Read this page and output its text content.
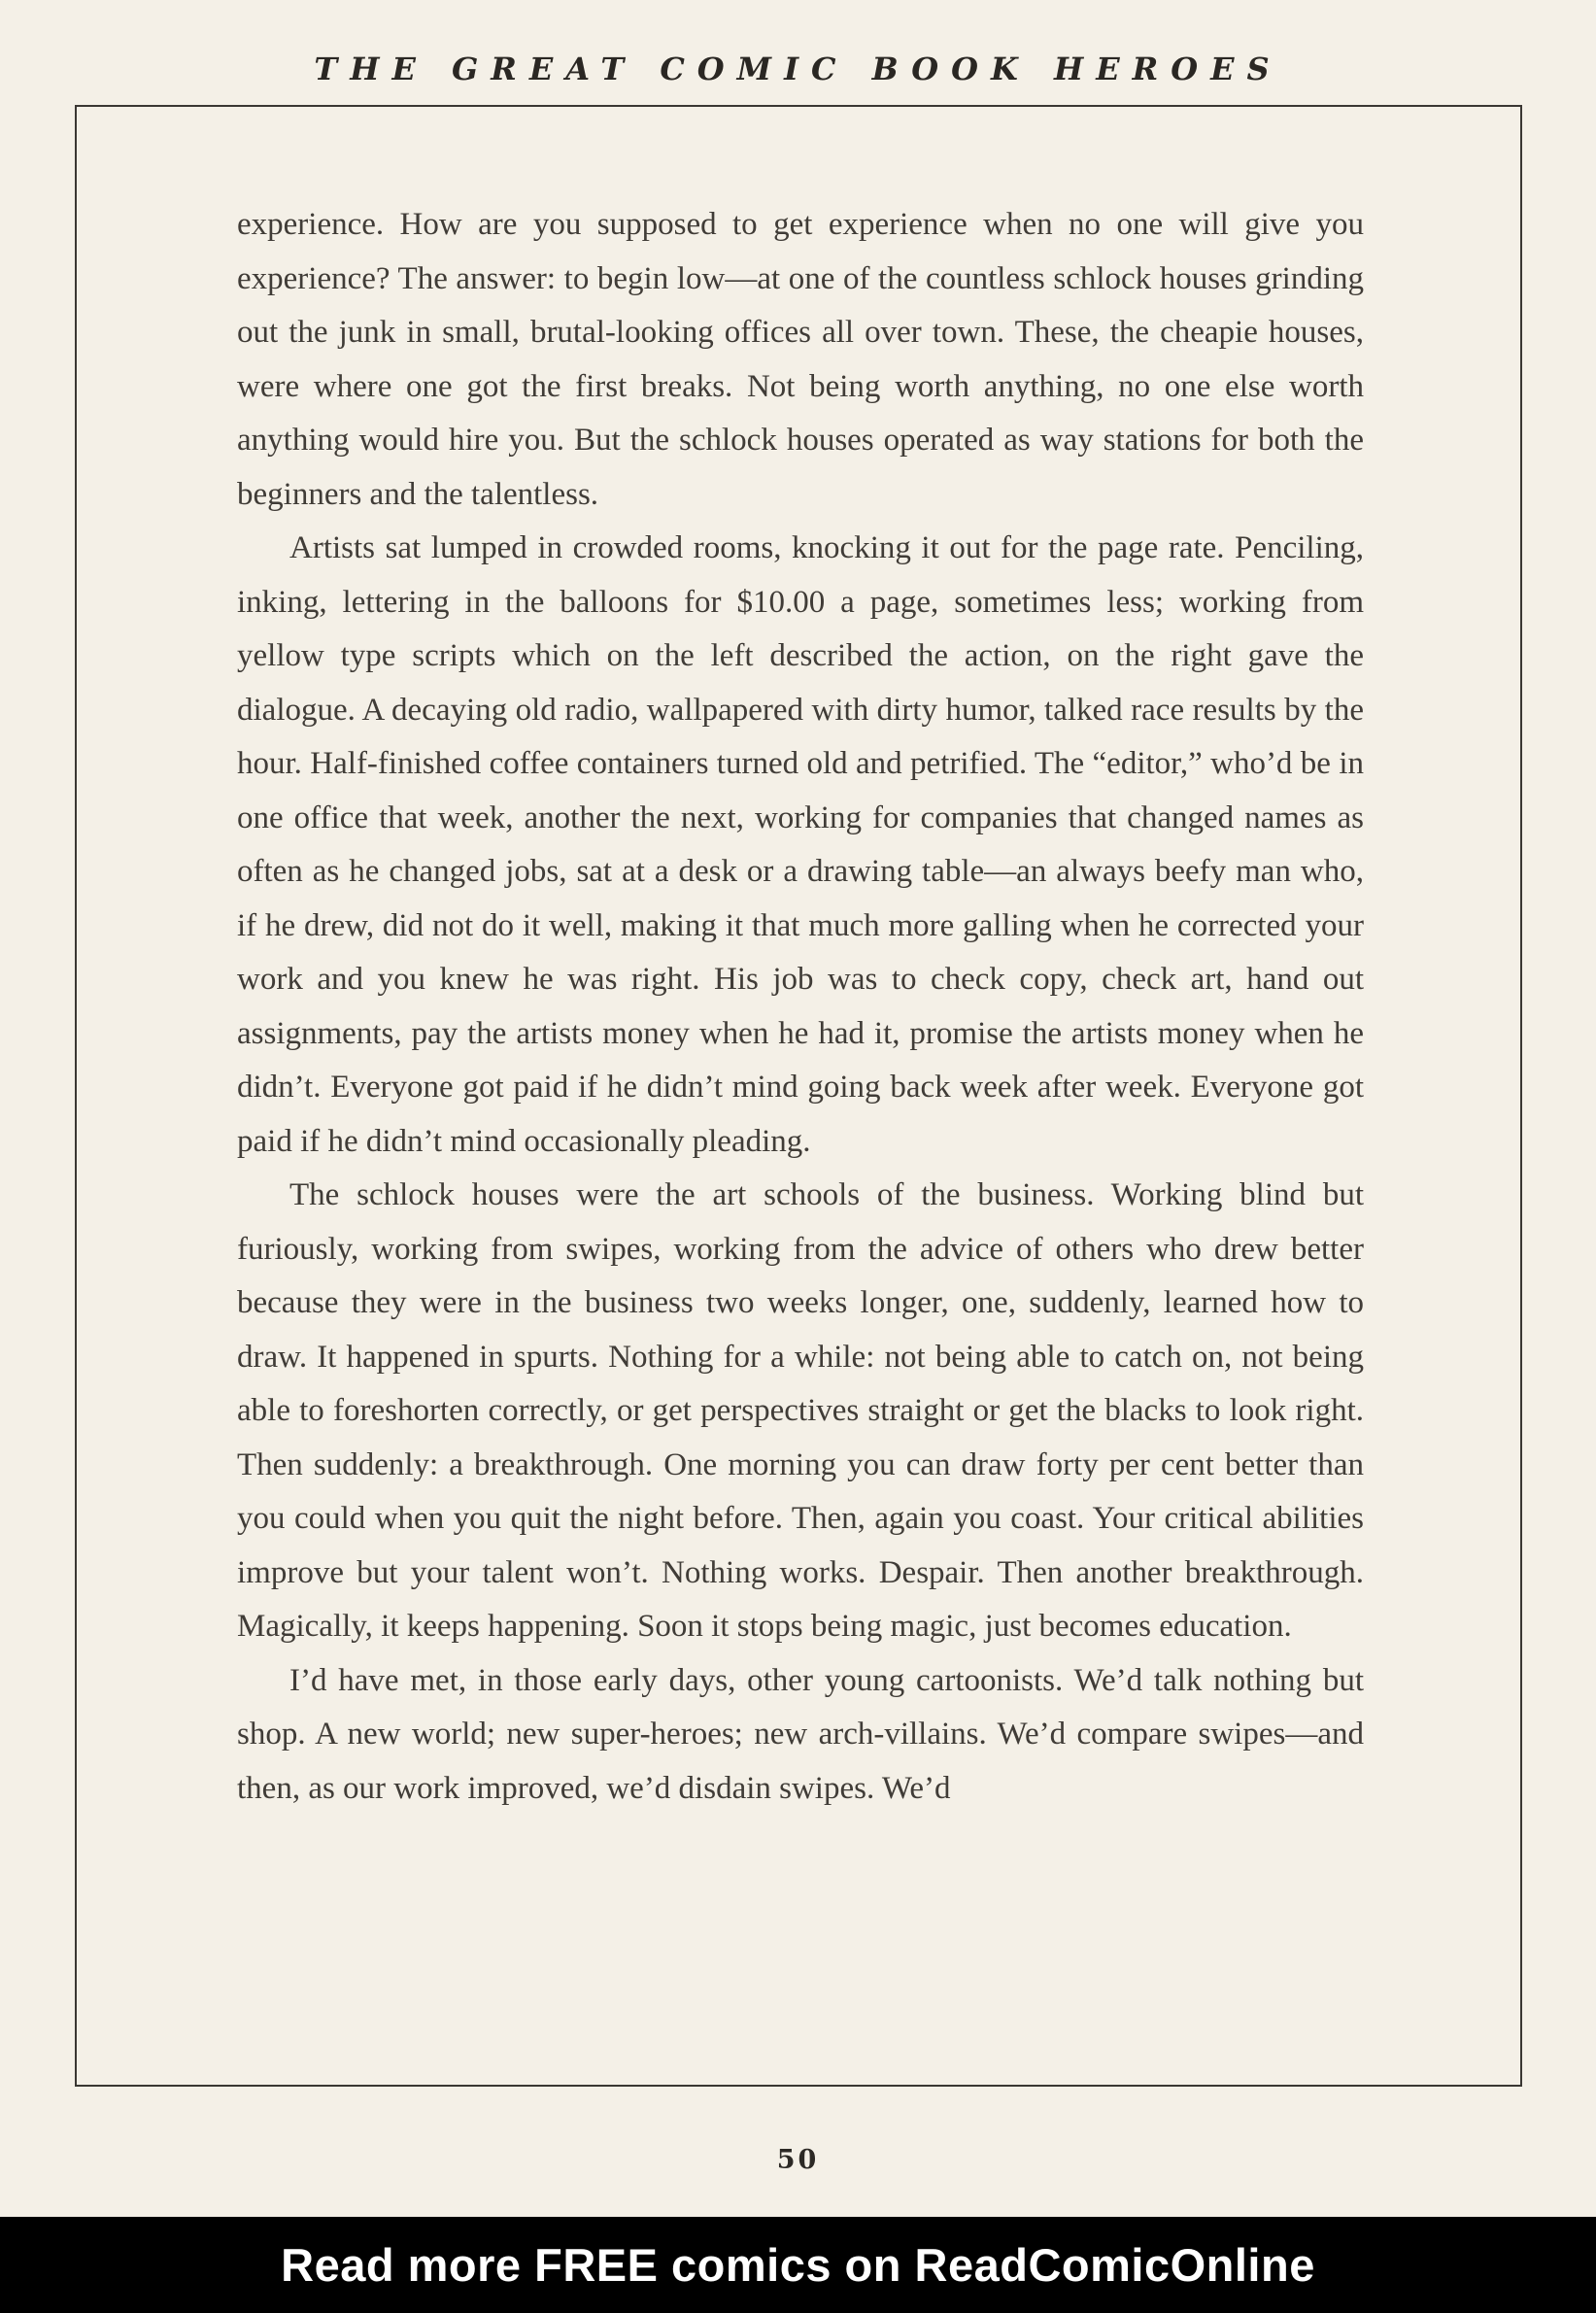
THE GREAT COMIC BOOK HEROES

experience. How are you supposed to get experience when no one will give you experience? The answer: to begin low—at one of the countless schlock houses grinding out the junk in small, brutal-looking offices all over town. These, the cheapie houses, were where one got the first breaks. Not being worth anything, no one else worth anything would hire you. But the schlock houses operated as way stations for both the beginners and the talentless.

Artists sat lumped in crowded rooms, knocking it out for the page rate. Penciling, inking, lettering in the balloons for $10.00 a page, sometimes less; working from yellow type scripts which on the left described the action, on the right gave the dialogue. A decaying old radio, wallpapered with dirty humor, talked race results by the hour. Half-finished coffee containers turned old and petrified. The “editor,” who’d be in one office that week, another the next, working for companies that changed names as often as he changed jobs, sat at a desk or a drawing table—an always beefy man who, if he drew, did not do it well, making it that much more galling when he corrected your work and you knew he was right. His job was to check copy, check art, hand out assignments, pay the artists money when he had it, promise the artists money when he didn’t. Everyone got paid if he didn’t mind going back week after week. Everyone got paid if he didn’t mind occasionally pleading.

The schlock houses were the art schools of the business. Working blind but furiously, working from swipes, working from the advice of others who drew better because they were in the business two weeks longer, one, suddenly, learned how to draw. It happened in spurts. Nothing for a while: not being able to catch on, not being able to foreshorten correctly, or get perspectives straight or get the blacks to look right. Then suddenly: a breakthrough. One morning you can draw forty per cent better than you could when you quit the night before. Then, again you coast. Your critical abilities improve but your talent won’t. Nothing works. Despair. Then another breakthrough. Magically, it keeps happening. Soon it stops being magic, just becomes education.

I’d have met, in those early days, other young cartoonists. We’d talk nothing but shop. A new world; new super-heroes; new arch-villains. We’d compare swipes—and then, as our work improved, we’d disdain swipes. We’d

50
Read more FREE comics on ReadComicOnline
